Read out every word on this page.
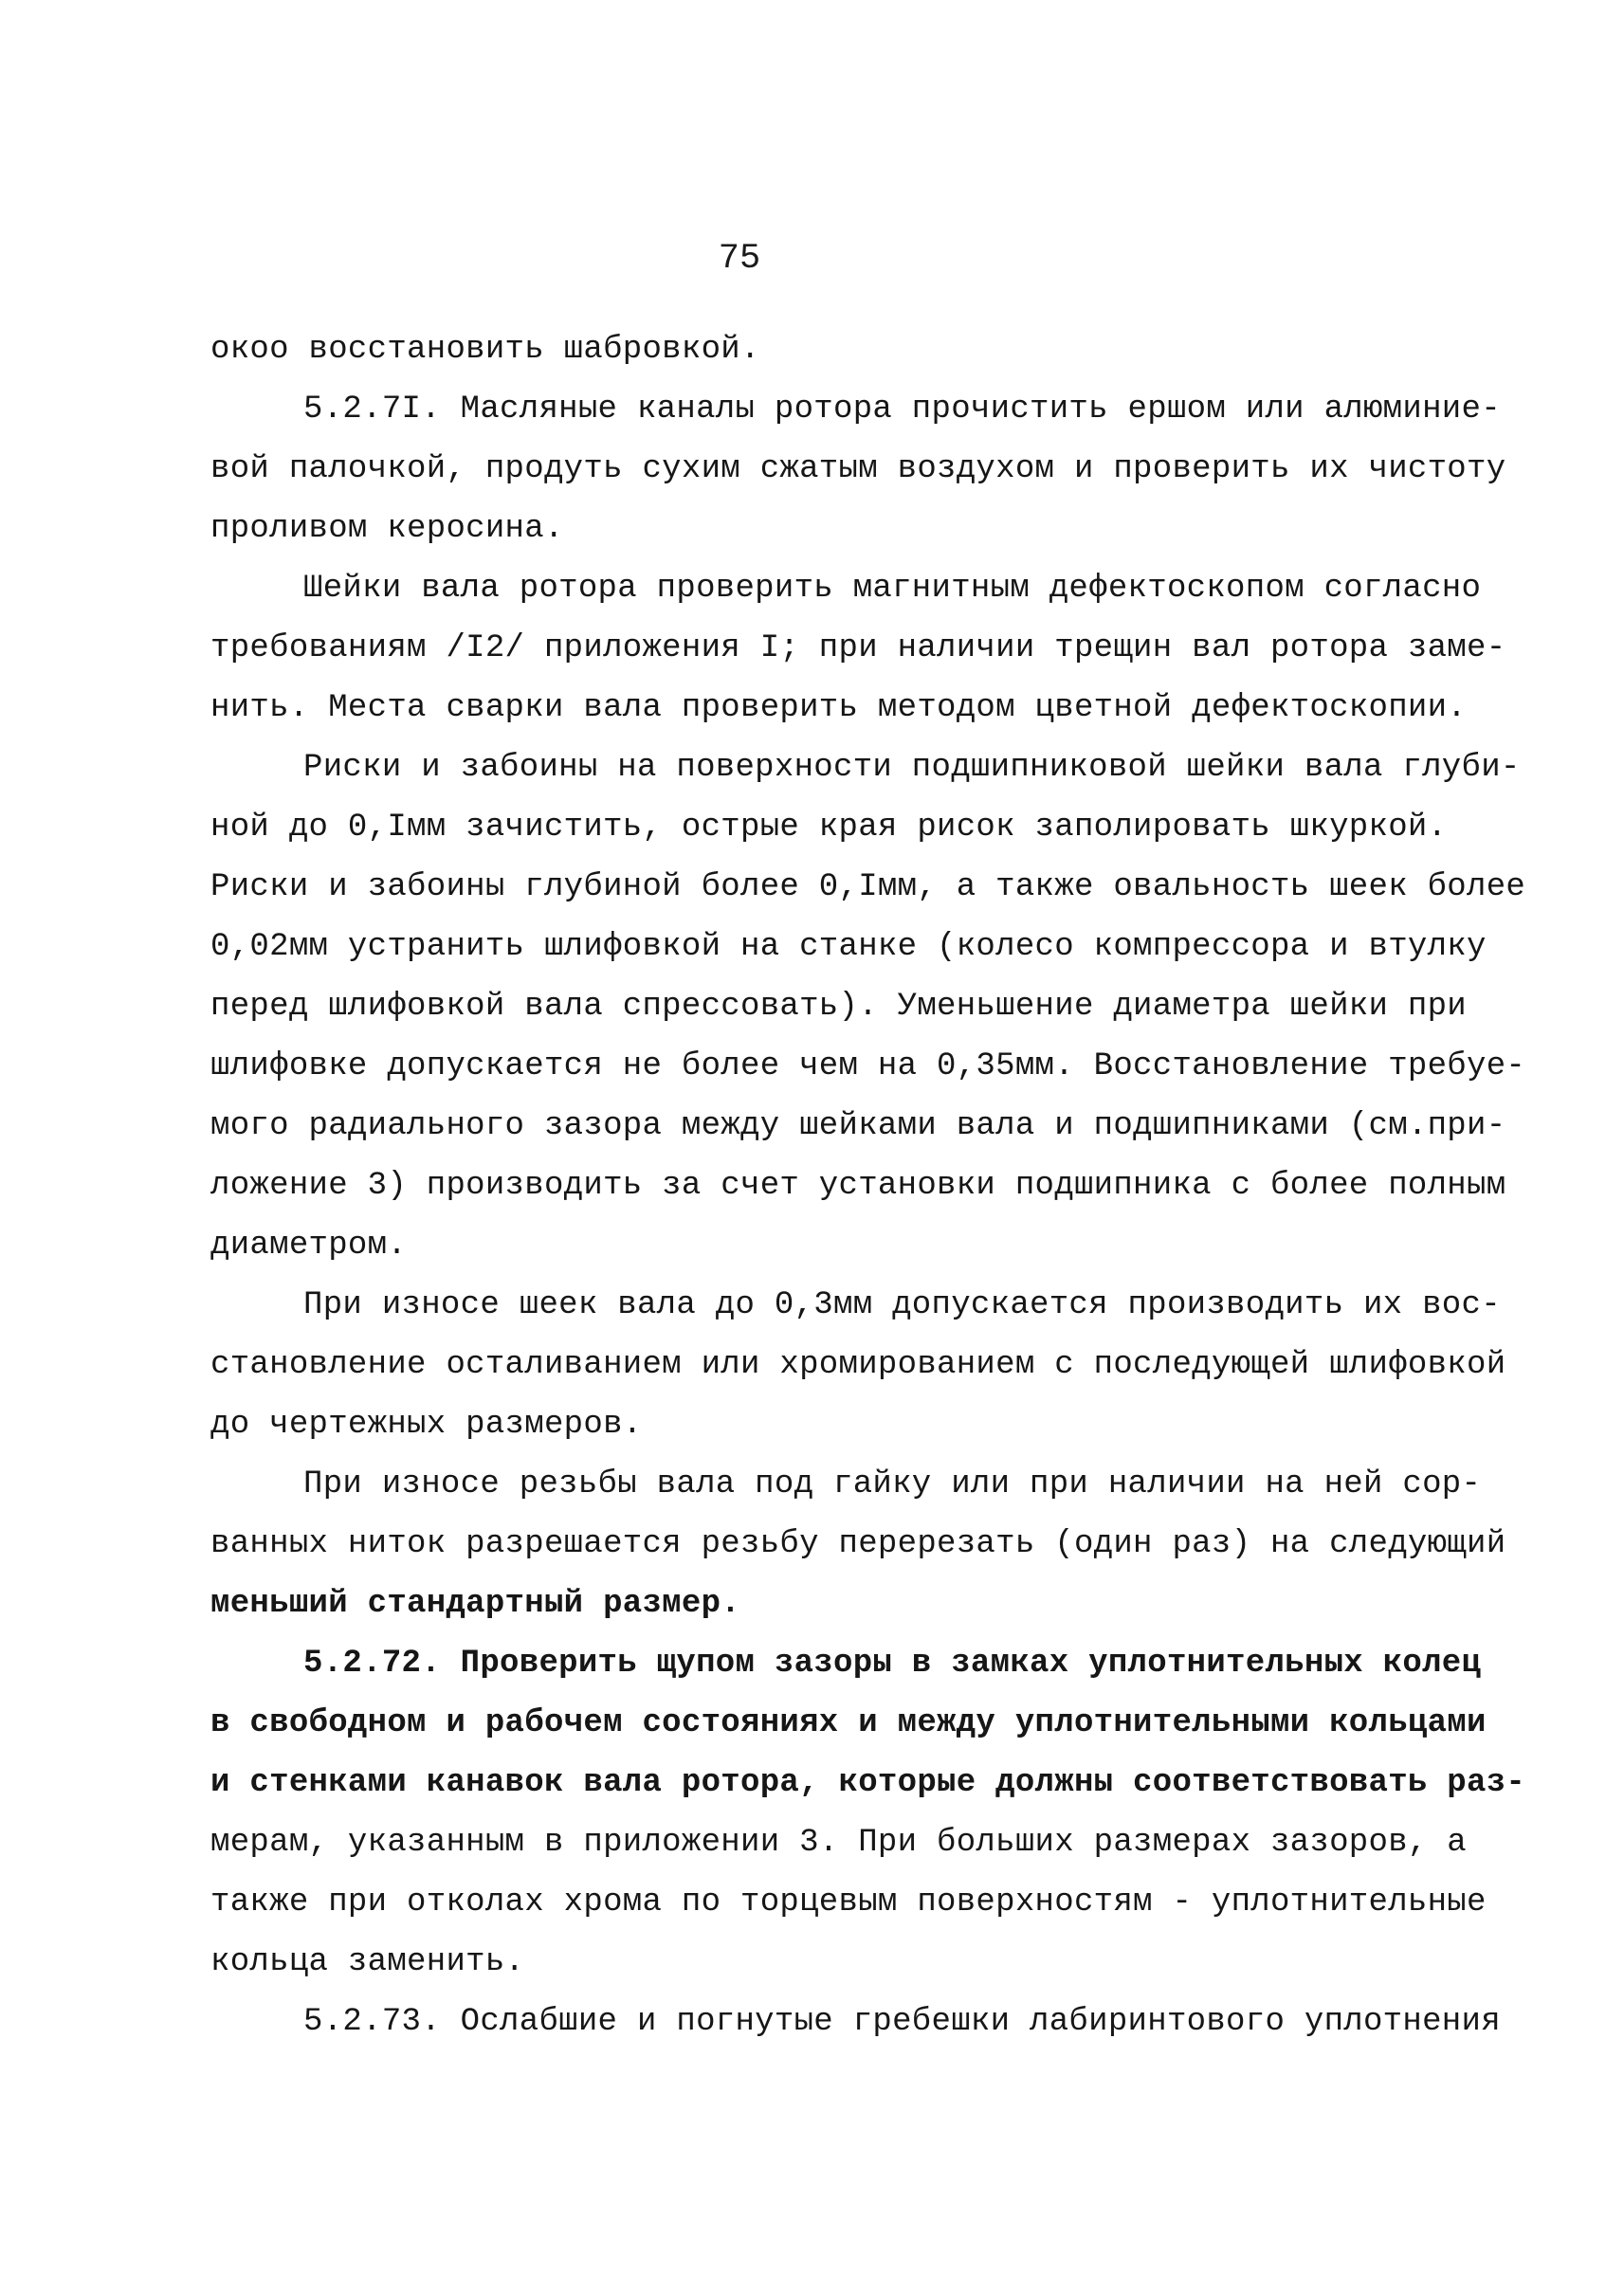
75
окоо восстановить шабровкой.
5.2.7I. Масляные каналы ротора прочистить ершом или алюминие-
вой палочкой, продуть сухим сжатым воздухом и проверить их чистоту
проливом керосина.
Шейки вала ротора проверить магнитным дефектоскопом согласно
требованиям /I2/ приложения I; при наличии трещин вал ротора заме-
нить. Места сварки вала проверить методом цветной дефектоскопии.
Риски и забоины на поверхности подшипниковой шейки вала глуби-
ной до 0,Iмм зачистить, острые края рисок заполировать шкуркой.
Риски и забоины глубиной более 0,Iмм, а также овальность шеек более
0,02мм устранить шлифовкой на станке (колесо компрессора и втулку
перед шлифовкой вала спрессовать). Уменьшение диаметра шейки при
шлифовке допускается не более чем на 0,35мм. Восстановление требуе-
мого радиального зазора между шейками вала и подшипниками (см.при-
ложение 3) производить за счет установки подшипника с более полным
диаметром.
При износе шеек вала до 0,3мм допускается производить их вос-
становление осталиванием или хромированием с последующей шлифовкой
до чертежных размеров.
При износе резьбы вала под гайку или при наличии на ней сор-
ванных ниток разрешается резьбу перерезать (один раз) на следующий
меньший стандартный размер.
5.2.72. Проверить щупом зазоры в замках уплотнительных колец
в свободном и рабочем состояниях и между уплотнительными кольцами
и стенками канавок вала ротора, которые должны соответствовать раз-
мерам, указанным в приложении 3. При больших размерах зазоров, а
также при отколах хрома по торцевым поверхностям - уплотнительные
кольца заменить.
5.2.73. Ослабшие и погнутые гребешки лабиринтового уплотнения
